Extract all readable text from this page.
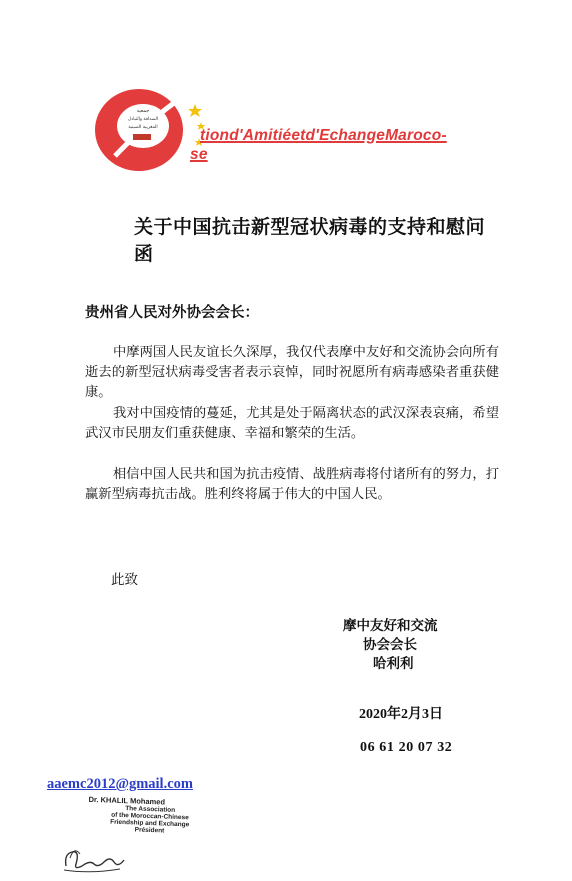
جمعية
الصداقة والتبادل
المغربية الصينية	tiond'Amitiéetd'EchangeMaroco-
se
关于中国抗击新型冠状病毒的支持和慰问函
贵州省人民对外协会会长：

中摩两国人民友谊长久深厚，我仅代表摩中友好和交流协会向所有逝去的新型冠状病毒受害者表示哀悼，同时祝愿所有病毒感染者重获健康。

我对中国疫情的蔓延，尤其是处于隔离状态的武汉深表哀痛，希望武汉市民朋友们重获健康、幸福和繁荣的生活。

相信中国人民共和国为抗击疫情、战胜病毒将付诸所有的努力，打赢新型病毒抗击战。胜利终将属于伟大的中国人民。

此致
摩中友好和交流
协会会长
哈利利
2020年2月3日
06 61 20 07 32
aaemc2012@gmail.com
Dr. KHALIL Mohamed
The Association
of the Moroccan-Chinese
Friendship and Exchange
Président
